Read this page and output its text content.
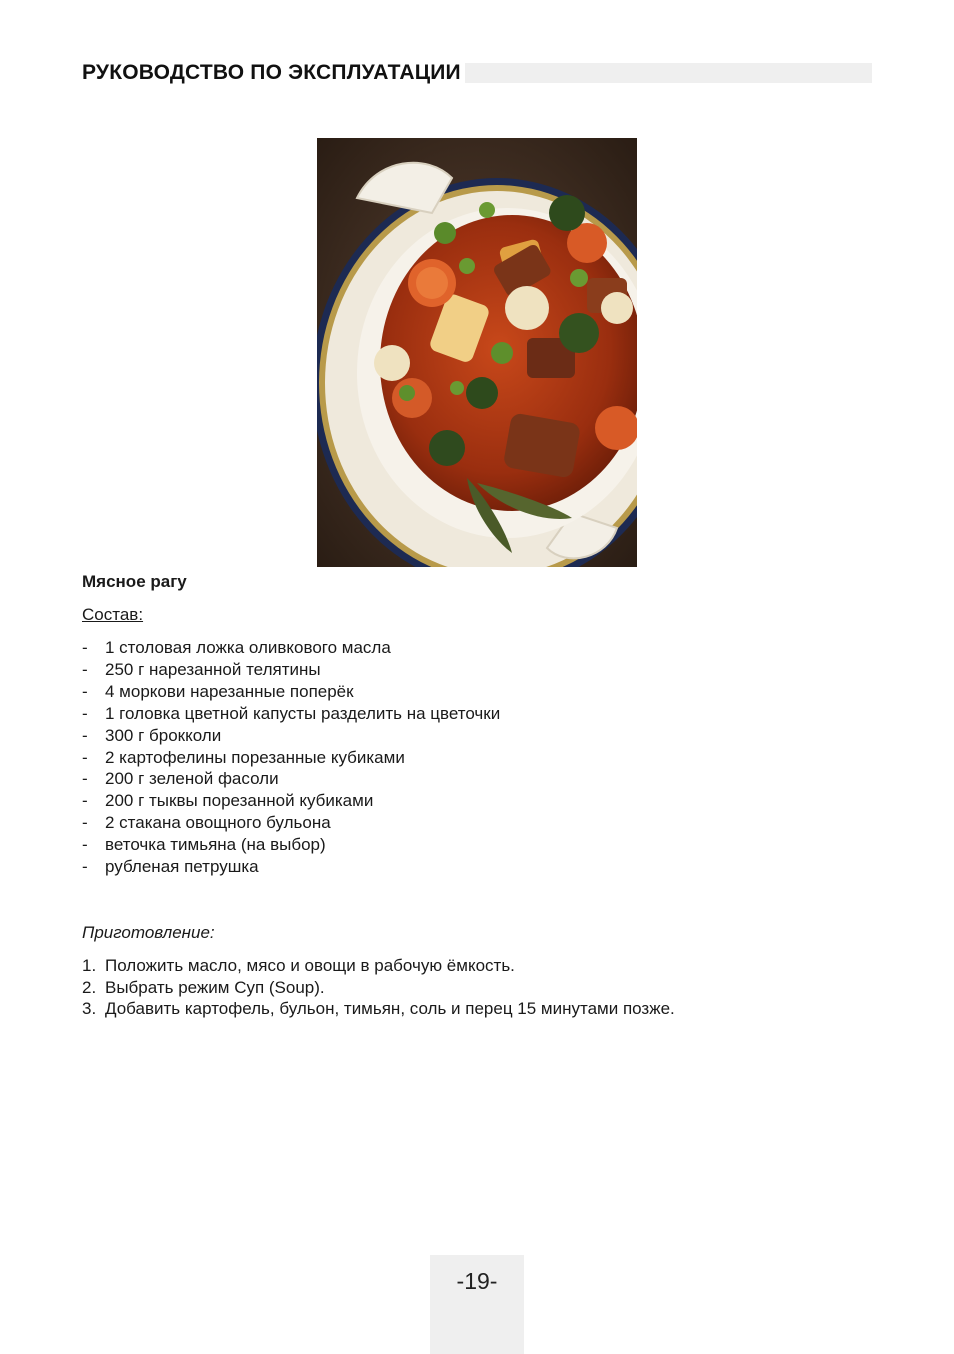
РУКОВОДСТВО ПО ЭКСПЛУАТАЦИИ
Мясное рагу
Состав:
- 1 столовая ложка оливкового масла
- 250 г нарезанной телятины
- 4 моркови нарезанные поперёк
- 1 головка цветной капусты разделить на цветочки
- 300 г брокколи
- 2 картофелины порезанные кубиками
- 200 г зеленой фасоли
- 200 г тыквы порезанной кубиками
- 2 стакана овощного бульона
- веточка тимьяна (на выбор)
- рубленая петрушка
Приготовление:
1. Положить масло, мясо и овощи в рабочую ёмкость.
2. Выбрать режим Суп (Soup).
3. Добавить картофель, бульон, тимьян, соль и перец 15 минутами позже.
-19-
